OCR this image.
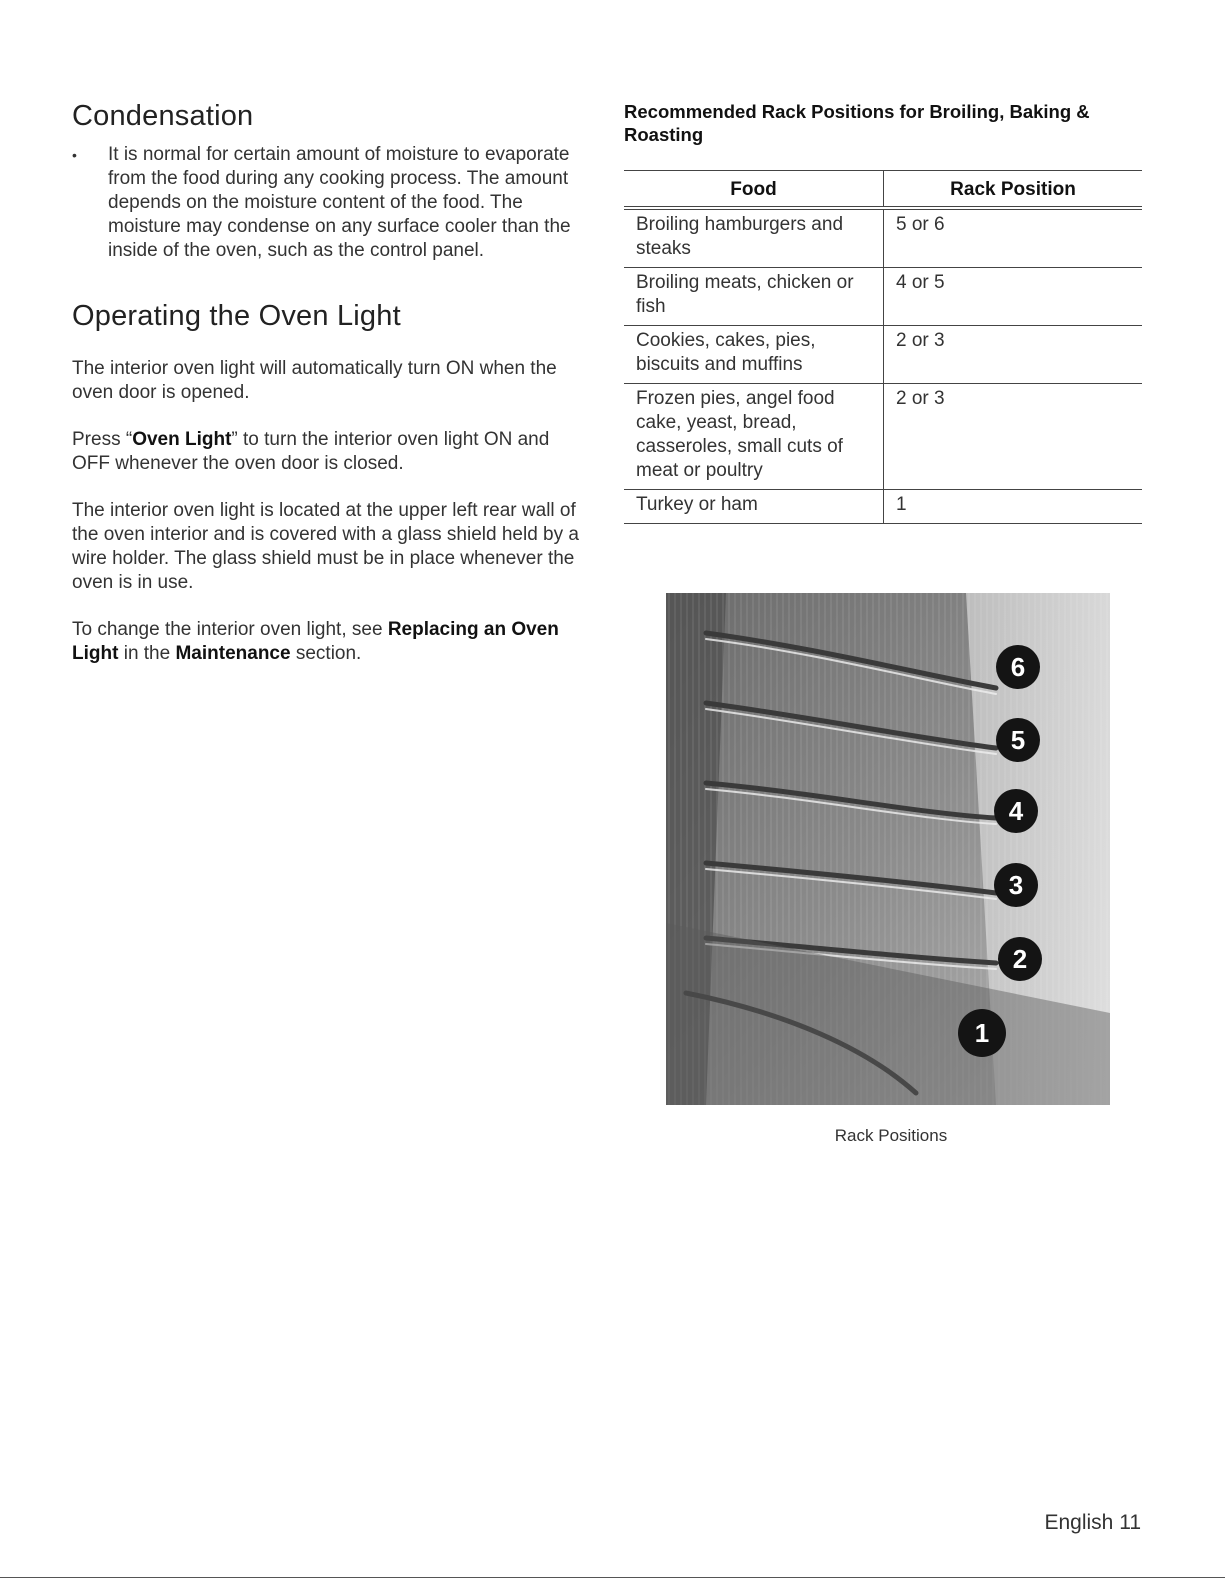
Condensation
• It is normal for certain amount of moisture to evaporate from the food during any cooking process. The amount depends on the moisture content of the food. The moisture may condense on any surface cooler than the inside of the oven, such as the control panel.
Operating the Oven Light

The interior oven light will automatically turn ON when the oven door is opened.

Press “Oven Light” to turn the interior oven light ON and OFF whenever the oven door is closed.

The interior oven light is located at the upper left rear wall of the oven interior and is covered with a glass shield held by a wire holder. The glass shield must be in place whenever the oven is in use.

To change the interior oven light, see Replacing an Oven Light in the Maintenance section.

Recommended Rack Positions for Broiling, Baking & Roasting

Food	Rack Position
Broiling hamburgers and steaks	5 or 6
Broiling meats, chicken or fish	4 or 5
Cookies, cakes, pies, biscuits and muffins	2 or 3
Frozen pies, angel food cake, yeast, bread, casseroles, small cuts of meat or poultry	2 or 3
Turkey or ham	1
6
5
4
3
2
1
Rack Positions
English 11
